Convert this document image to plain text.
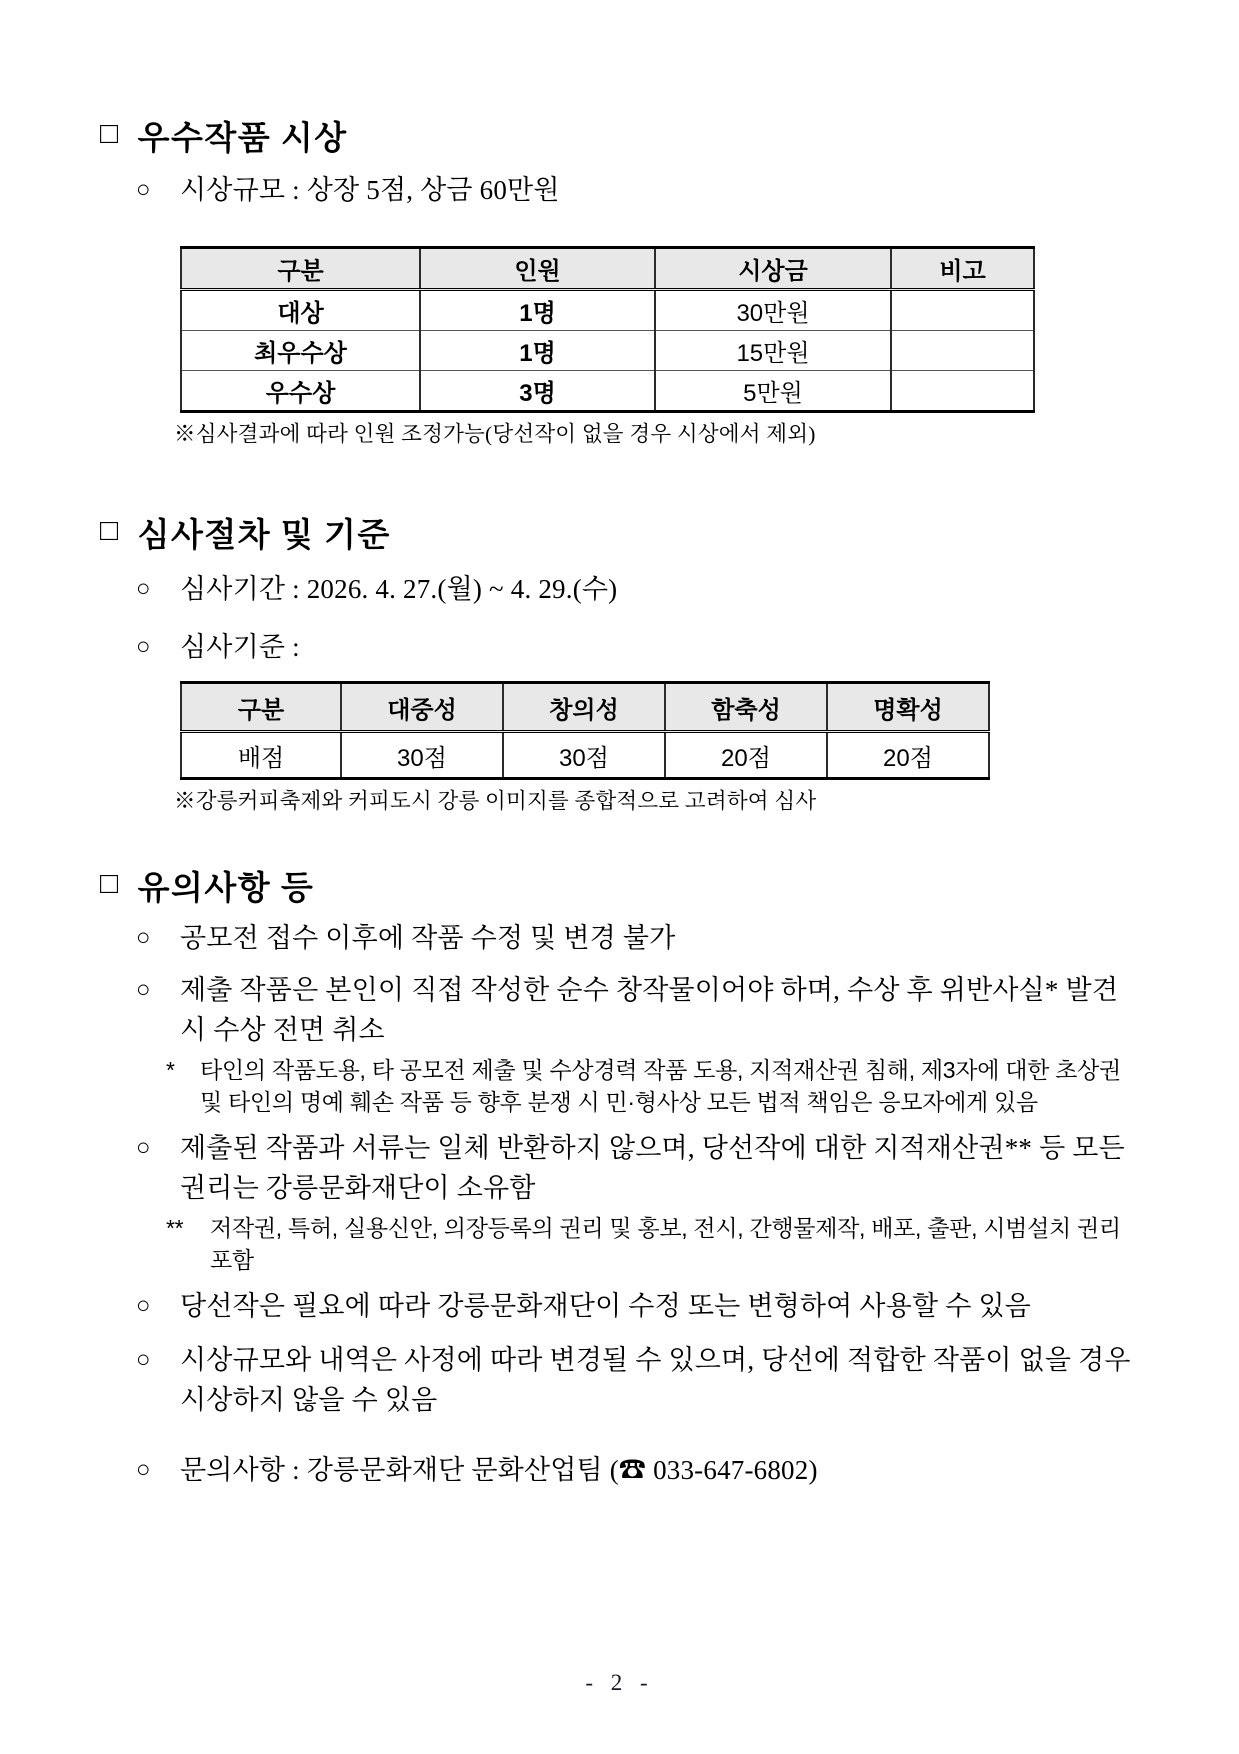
□ 우수작품 시상
○	시상규모 : 상장 5점, 상금 60만원
구분	인원	시상금	비고
대상	1명	30만원	
최우수상	1명	15만원	
우수상	3명	5만원	
※심사결과에 따라 인원 조정가능(당선작이 없을 경우 시상에서 제외)
□ 심사절차 및 기준
○	심사기간 : 2026. 4. 27.(월) ~ 4. 29.(수)
○	심사기준 :
구분	대중성	창의성	함축성	명확성
배점	30점	30점	20점	20점
※강릉커피축제와 커피도시 강릉 이미지를 종합적으로 고려하여 심사
□ 유의사항 등
○	공모전 접수 이후에 작품 수정 및 변경 불가
○	제출 작품은 본인이 직접 작성한 순수 창작물이어야 하며, 수상 후 위반사실* 발견 시 수상 전면 취소
*	타인의 작품도용, 타 공모전 제출 및 수상경력 작품 도용, 지적재산권 침해, 제3자에 대한 초상권 및 타인의 명예 훼손 작품 등 향후 분쟁 시 민·형사상 모든 법적 책임은 응모자에게 있음
○	제출된 작품과 서류는 일체 반환하지 않으며, 당선작에 대한 지적재산권** 등 모든 권리는 강릉문화재단이 소유함
**	저작권, 특허, 실용신안, 의장등록의 권리 및 홍보, 전시, 간행물제작, 배포, 출판, 시범설치 권리 포함
○	당선작은 필요에 따라 강릉문화재단이 수정 또는 변형하여 사용할 수 있음
○	시상규모와 내역은 사정에 따라 변경될 수 있으며, 당선에 적합한 작품이 없을 경우 시상하지 않을 수 있음
○	문의사항 : 강릉문화재단 문화산업팀 (☎ 033-647-6802)
- 2 -
